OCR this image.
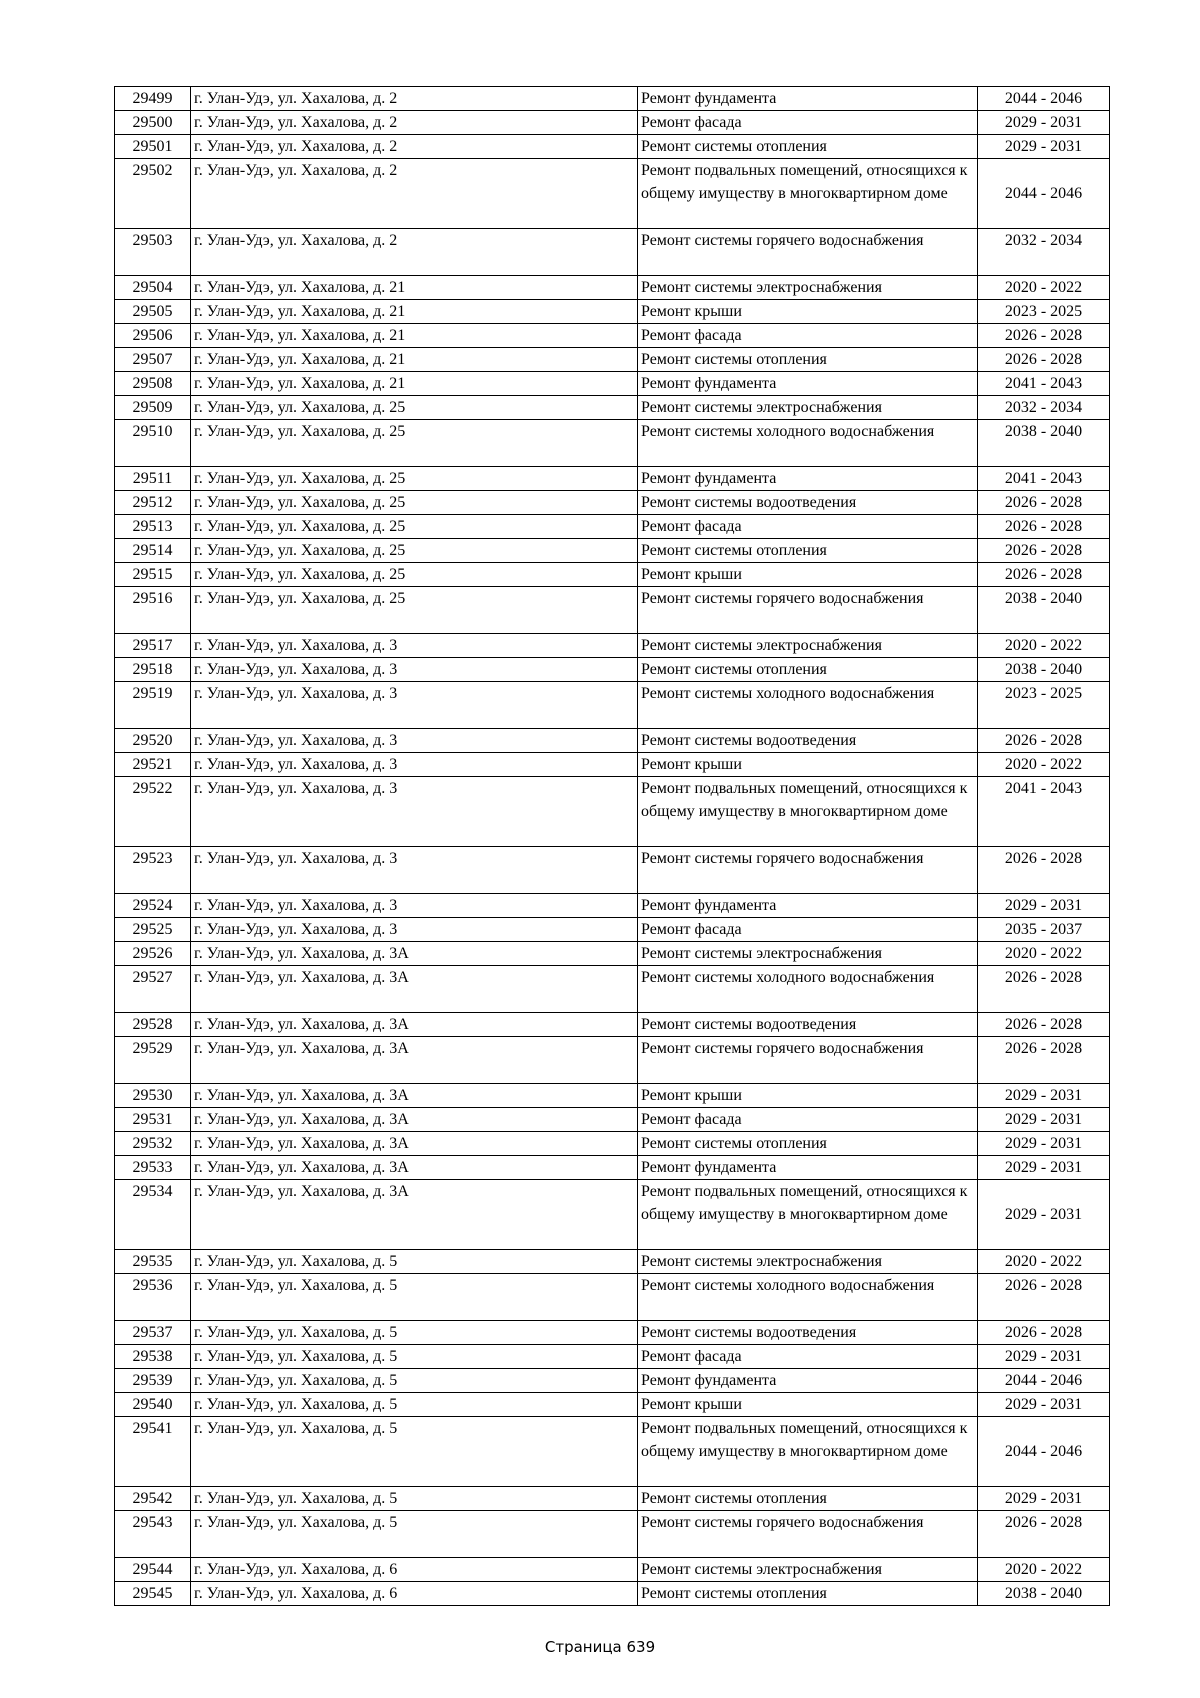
29499	г. Улан-Удэ, ул. Хахалова, д. 2	Ремонт фундамента	2044 - 2046
29500	г. Улан-Удэ, ул. Хахалова, д. 2	Ремонт фасада	2029 - 2031
29501	г. Улан-Удэ, ул. Хахалова, д. 2	Ремонт системы отопления	2029 - 2031
29502	г. Улан-Удэ, ул. Хахалова, д. 2	Ремонт подвальных помещений, относящихся к общему имуществу в многоквартирном доме	2044 - 2046
29503	г. Улан-Удэ, ул. Хахалова, д. 2	Ремонт системы горячего водоснабжения	2032 - 2034
29504	г. Улан-Удэ, ул. Хахалова, д. 21	Ремонт системы электроснабжения	2020 - 2022
29505	г. Улан-Удэ, ул. Хахалова, д. 21	Ремонт крыши	2023 - 2025
29506	г. Улан-Удэ, ул. Хахалова, д. 21	Ремонт фасада	2026 - 2028
29507	г. Улан-Удэ, ул. Хахалова, д. 21	Ремонт системы отопления	2026 - 2028
29508	г. Улан-Удэ, ул. Хахалова, д. 21	Ремонт фундамента	2041 - 2043
29509	г. Улан-Удэ, ул. Хахалова, д. 25	Ремонт системы электроснабжения	2032 - 2034
29510	г. Улан-Удэ, ул. Хахалова, д. 25	Ремонт системы холодного водоснабжения	2038 - 2040
29511	г. Улан-Удэ, ул. Хахалова, д. 25	Ремонт фундамента	2041 - 2043
29512	г. Улан-Удэ, ул. Хахалова, д. 25	Ремонт системы водоотведения	2026 - 2028
29513	г. Улан-Удэ, ул. Хахалова, д. 25	Ремонт фасада	2026 - 2028
29514	г. Улан-Удэ, ул. Хахалова, д. 25	Ремонт системы отопления	2026 - 2028
29515	г. Улан-Удэ, ул. Хахалова, д. 25	Ремонт крыши	2026 - 2028
29516	г. Улан-Удэ, ул. Хахалова, д. 25	Ремонт системы горячего водоснабжения	2038 - 2040
29517	г. Улан-Удэ, ул. Хахалова, д. 3	Ремонт системы электроснабжения	2020 - 2022
29518	г. Улан-Удэ, ул. Хахалова, д. 3	Ремонт системы отопления	2038 - 2040
29519	г. Улан-Удэ, ул. Хахалова, д. 3	Ремонт системы холодного водоснабжения	2023 - 2025
29520	г. Улан-Удэ, ул. Хахалова, д. 3	Ремонт системы водоотведения	2026 - 2028
29521	г. Улан-Удэ, ул. Хахалова, д. 3	Ремонт крыши	2020 - 2022
29522	г. Улан-Удэ, ул. Хахалова, д. 3	Ремонт подвальных помещений, относящихся к общему имуществу в многоквартирном доме	2041 - 2043
29523	г. Улан-Удэ, ул. Хахалова, д. 3	Ремонт системы горячего водоснабжения	2026 - 2028
29524	г. Улан-Удэ, ул. Хахалова, д. 3	Ремонт фундамента	2029 - 2031
29525	г. Улан-Удэ, ул. Хахалова, д. 3	Ремонт фасада	2035 - 2037
29526	г. Улан-Удэ, ул. Хахалова, д. 3А	Ремонт системы электроснабжения	2020 - 2022
29527	г. Улан-Удэ, ул. Хахалова, д. 3А	Ремонт системы холодного водоснабжения	2026 - 2028
29528	г. Улан-Удэ, ул. Хахалова, д. 3А	Ремонт системы водоотведения	2026 - 2028
29529	г. Улан-Удэ, ул. Хахалова, д. 3А	Ремонт системы горячего водоснабжения	2026 - 2028
29530	г. Улан-Удэ, ул. Хахалова, д. 3А	Ремонт крыши	2029 - 2031
29531	г. Улан-Удэ, ул. Хахалова, д. 3А	Ремонт фасада	2029 - 2031
29532	г. Улан-Удэ, ул. Хахалова, д. 3А	Ремонт системы отопления	2029 - 2031
29533	г. Улан-Удэ, ул. Хахалова, д. 3А	Ремонт фундамента	2029 - 2031
29534	г. Улан-Удэ, ул. Хахалова, д. 3А	Ремонт подвальных помещений, относящихся к общему имуществу в многоквартирном доме	2029 - 2031
29535	г. Улан-Удэ, ул. Хахалова, д. 5	Ремонт системы электроснабжения	2020 - 2022
29536	г. Улан-Удэ, ул. Хахалова, д. 5	Ремонт системы холодного водоснабжения	2026 - 2028
29537	г. Улан-Удэ, ул. Хахалова, д. 5	Ремонт системы водоотведения	2026 - 2028
29538	г. Улан-Удэ, ул. Хахалова, д. 5	Ремонт фасада	2029 - 2031
29539	г. Улан-Удэ, ул. Хахалова, д. 5	Ремонт фундамента	2044 - 2046
29540	г. Улан-Удэ, ул. Хахалова, д. 5	Ремонт крыши	2029 - 2031
29541	г. Улан-Удэ, ул. Хахалова, д. 5	Ремонт подвальных помещений, относящихся к общему имуществу в многоквартирном доме	2044 - 2046
29542	г. Улан-Удэ, ул. Хахалова, д. 5	Ремонт системы отопления	2029 - 2031
29543	г. Улан-Удэ, ул. Хахалова, д. 5	Ремонт системы горячего водоснабжения	2026 - 2028
29544	г. Улан-Удэ, ул. Хахалова, д. 6	Ремонт системы электроснабжения	2020 - 2022
29545	г. Улан-Удэ, ул. Хахалова, д. 6	Ремонт системы отопления	2038 - 2040
Страница 639
